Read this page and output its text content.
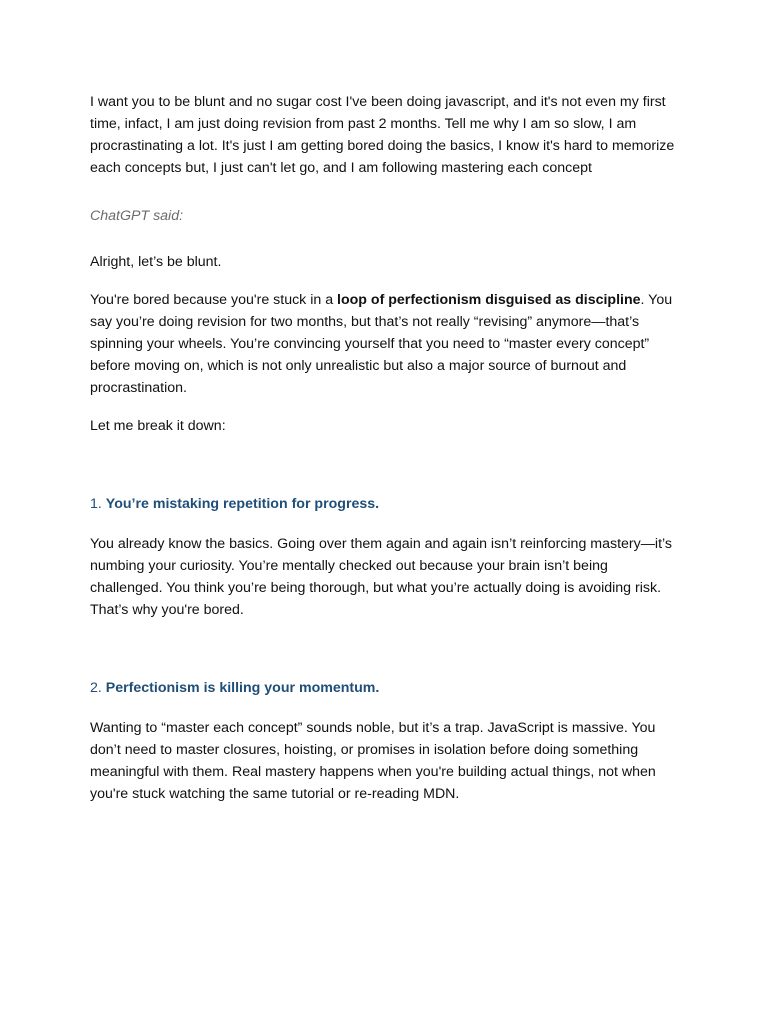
I want you to be blunt and no sugar cost I've been doing javascript, and it's not even my first time, infact, I am just doing revision from past 2 months. Tell me why I am so slow, I am procrastinating a lot. It's just I am getting bored doing the basics, I know it's hard to memorize each concepts but, I just can't let go, and I am following mastering each concept

ChatGPT said:

Alright, let’s be blunt.

You're bored because you're stuck in a loop of perfectionism disguised as discipline. You say you’re doing revision for two months, but that’s not really “revising” anymore—that’s spinning your wheels. You’re convincing yourself that you need to “master every concept” before moving on, which is not only unrealistic but also a major source of burnout and procrastination.

Let me break it down:

1. You’re mistaking repetition for progress.

You already know the basics. Going over them again and again isn’t reinforcing mastery—it’s numbing your curiosity. You’re mentally checked out because your brain isn’t being challenged. You think you’re being thorough, but what you’re actually doing is avoiding risk. That’s why you're bored.

2. Perfectionism is killing your momentum.

Wanting to “master each concept” sounds noble, but it’s a trap. JavaScript is massive. You don’t need to master closures, hoisting, or promises in isolation before doing something meaningful with them. Real mastery happens when you're building actual things, not when you're stuck watching the same tutorial or re-reading MDN.
